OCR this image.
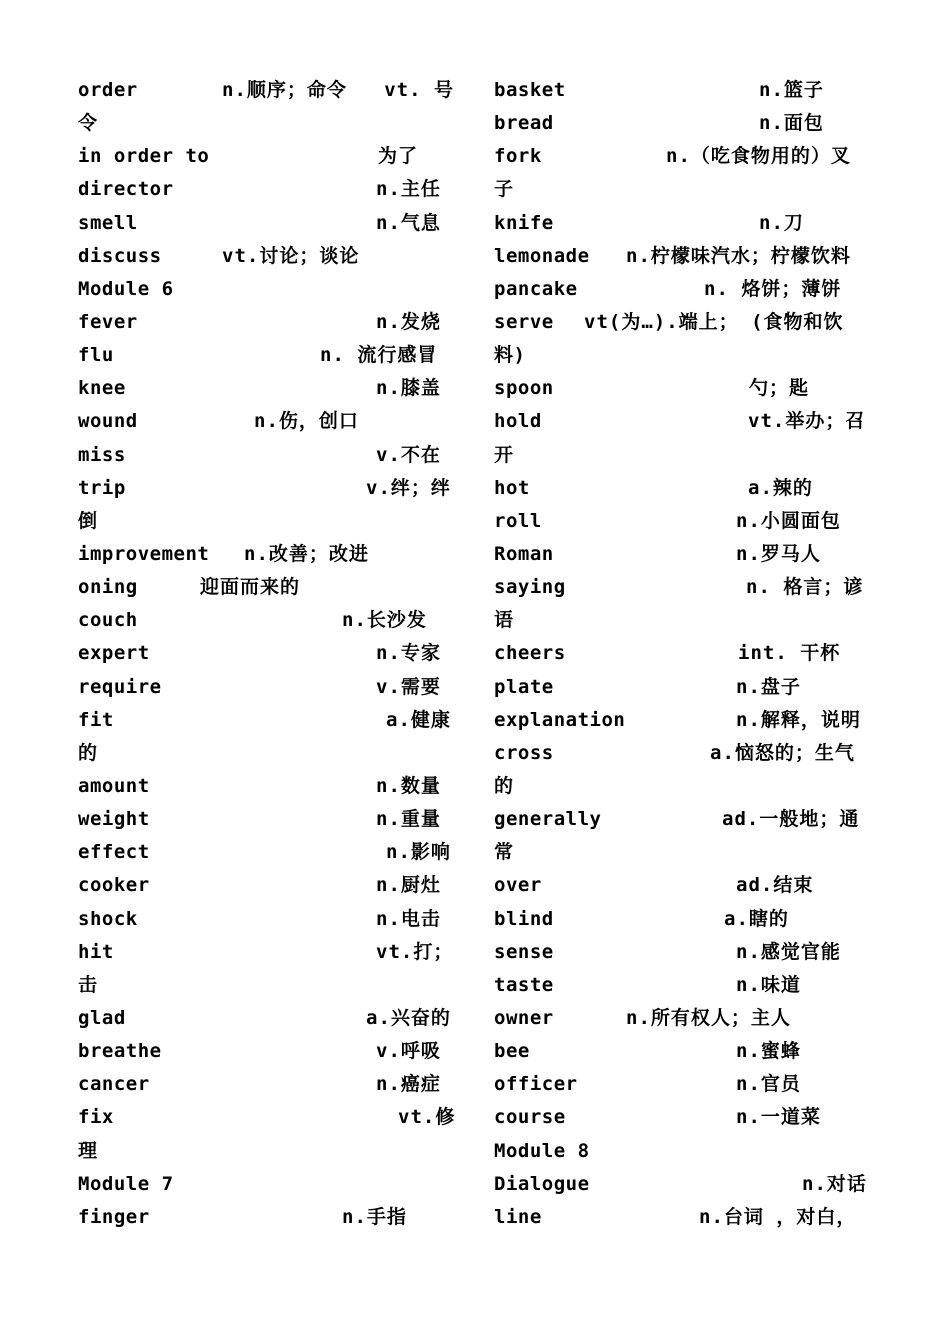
order	n.顺序；命令   vt. 号
令
in order to	为了
director	n.主任
smell	n.气息
discuss	vt.讨论；谈论
Module 6
fever	n.发烧
flu	n. 流行感冒
knee	n.膝盖
wound	n.伤，创口
miss	v.不在
trip	v.绊；绊
倒
improvement n.改善；改进
oning	迎面而来的
couch	n.长沙发
expert	n.专家
require	v.需要
fit	a.健康
的
amount	n.数量
weight	n.重量
effect	n.影响
cooker	n.厨灶
shock	n.电击
hit	vt.打；
击
glad	a.兴奋的
breathe	v.呼吸
cancer	n.癌症
fix	vt.修
理
Module 7
finger	n.手指
basket	n.篮子
bread	n.面包
fork	n.（吃食物用的）叉
子
knife	n.刀
lemonade n.柠檬味汽水；柠檬饮料
pancake	n. 烙饼；薄饼
serve vt(为…).端上； (食物和饮
料)
spoon	勺；匙
hold	vt.举办；召
开
hot	a.辣的
roll	n.小圆面包
Roman	n.罗马人
saying	n. 格言；谚
语
cheers	int. 干杯
plate	n.盘子
explanation	n.解释，说明
cross	a.恼怒的；生气
的
generally	ad.一般地；通
常
over	ad.结束
blind	a.瞎的
sense	n.感觉官能
taste	n.味道
owner	n.所有权人；主人
bee	n.蜜蜂
officer	n.官员
course	n.一道菜
Module 8
Dialogue	n.对话
line	n.台词 ，对白，
